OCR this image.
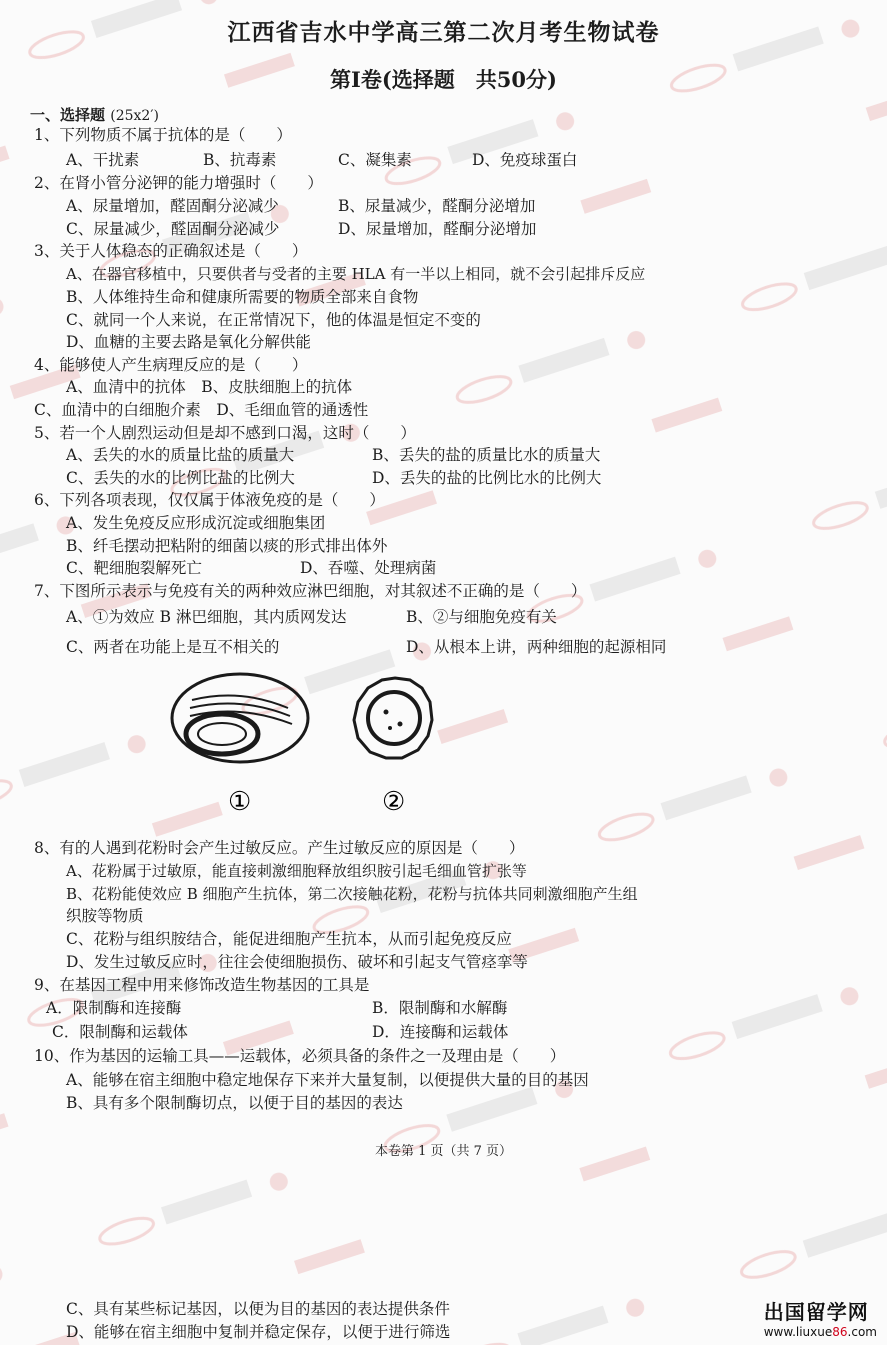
江西省吉水中学高三第二次月考生物试卷
第Ⅰ卷(选择题　共50分)
一、选择题 (25x2′)
1、下列物质不属于抗体的是（　　）
A、干扰素	B、抗毒素	C、凝集素	D、免疫球蛋白
2、在肾小管分泌钾的能力增强时（　　）
A、尿量增加，醛固酮分泌减少	B、尿量减少，醛酮分泌增加
C、尿量减少，醛固酮分泌减少	D、尿量增加，醛酮分泌增加
3、关于人体稳态的正确叙述是（　　）
A、在器官移植中，只要供者与受者的主要 HLA 有一半以上相同，就不会引起排斥反应
B、人体维持生命和健康所需要的物质全部来自食物
C、就同一个人来说，在正常情况下，他的体温是恒定不变的
D、血糖的主要去路是氧化分解供能
4、能够使人产生病理反应的是（　　）
A、血清中的抗体　B、皮肤细胞上的抗体
C、血清中的白细胞介素　D、毛细血管的通透性
5、若一个人剧烈运动但是却不感到口渴，这时（　　）
A、丢失的水的质量比盐的质量大	B、丢失的盐的质量比水的质量大
C、丢失的水的比例比盐的比例大	D、丢失的盐的比例比水的比例大
6、下列各项表现，仅仅属于体液免疫的是（　　）
A、发生免疫反应形成沉淀或细胞集团
B、纤毛摆动把粘附的细菌以痰的形式排出体外
C、靶细胞裂解死亡	D、吞噬、处理病菌
7、下图所示表示与免疫有关的两种效应淋巴细胞，对其叙述不正确的是（　　）
A、①为效应 B 淋巴细胞，其内质网发达	B、②与细胞免疫有关
C、两者在功能上是互不相关的	D、从根本上讲，两种细胞的起源相同
①	②
8、有的人遇到花粉时会产生过敏反应。产生过敏反应的原因是（　　）
A、花粉属于过敏原，能直接刺激细胞释放组织胺引起毛细血管扩张等
B、花粉能使效应 B 细胞产生抗体，第二次接触花粉，花粉与抗体共同刺激细胞产生组
织胺等物质
C、花粉与组织胺结合，能促进细胞产生抗本，从而引起免疫反应
D、发生过敏反应时，往往会使细胞损伤、破坏和引起支气管痉挛等
9、在基因工程中用来修饰改造生物基因的工具是
A．限制酶和连接酶	B．限制酶和水解酶
C．限制酶和运载体	D．连接酶和运载体
10、作为基因的运输工具——运载体，必须具备的条件之一及理由是（　　）
A、能够在宿主细胞中稳定地保存下来并大量复制，以便提供大量的目的基因
B、具有多个限制酶切点，以便于目的基因的表达
本卷第 1 页（共 7 页）
C、具有某些标记基因，以便为目的基因的表达提供条件
D、能够在宿主细胞中复制并稳定保存，以便于进行筛选
出国留学网
www.liuxue86.com
